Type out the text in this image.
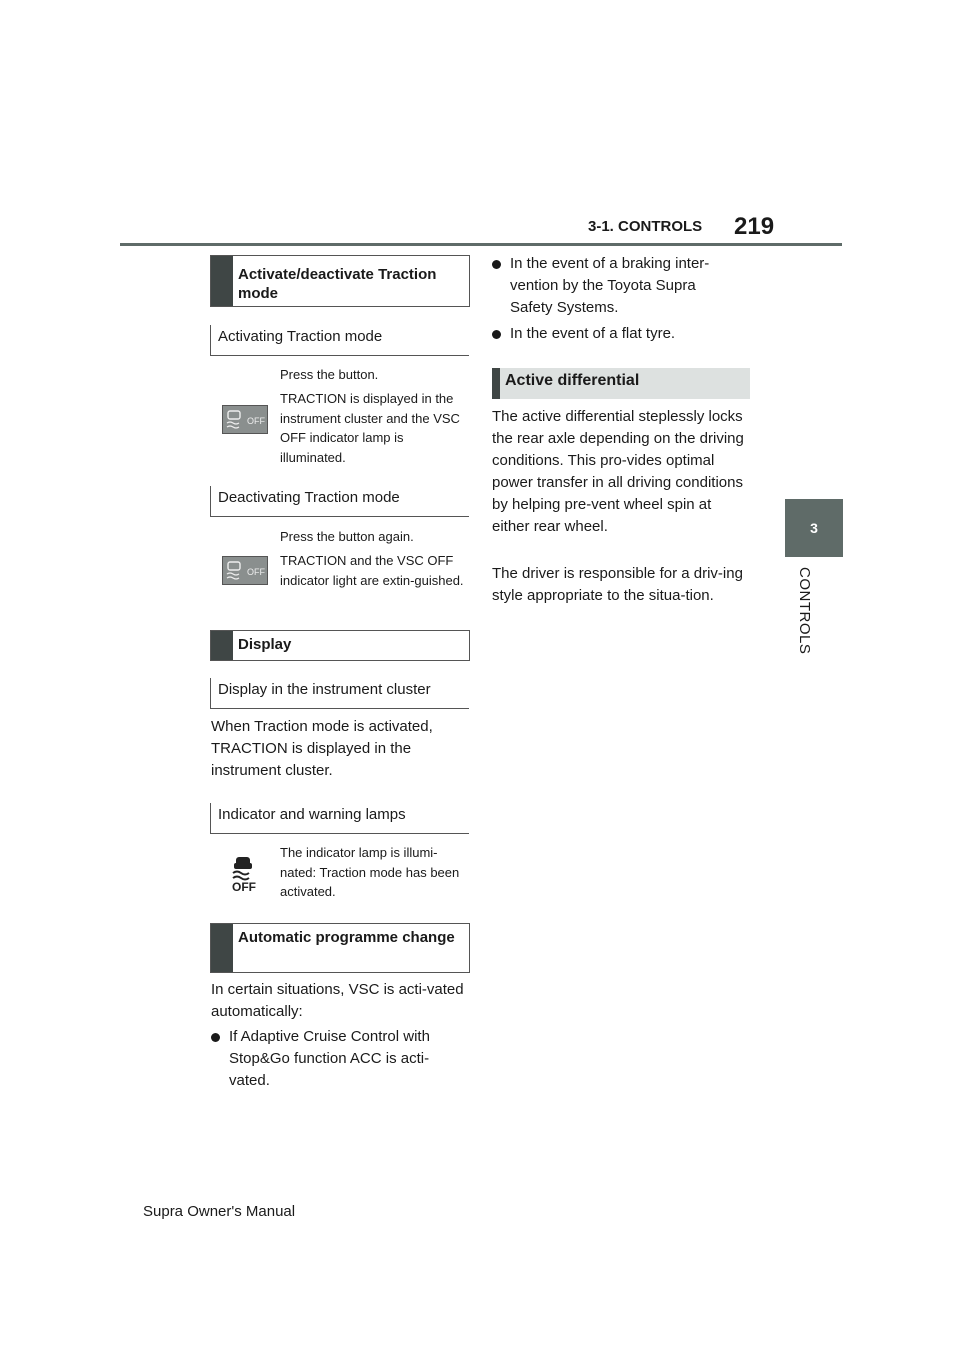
3-1. CONTROLS 219
3
CONTROLS
Activate/deactivate Traction mode
Activating Traction mode
OFF
Press the button.
TRACTION is displayed in the instrument cluster and the VSC OFF indicator lamp is illuminated.
Deactivating Traction mode
OFF
Press the button again.
TRACTION and the VSC OFF indicator light are extin-guished.
Display
Display in the instrument cluster
When Traction mode is activated, TRACTION is displayed in the instrument cluster.
Indicator and warning lamps
OFF
The indicator lamp is illumi-nated: Traction mode has been activated.
Automatic programme change
In certain situations, VSC is acti-vated automatically:
If Adaptive Cruise Control with Stop&Go function ACC is acti-vated.
In the event of a braking inter-vention by the Toyota Supra Safety Systems.
In the event of a flat tyre.
Active differential
The active differential steplessly locks the rear axle depending on the driving conditions. This pro-vides optimal power transfer in all driving conditions by helping pre-vent wheel spin at either rear wheel.
The driver is responsible for a driv-ing style appropriate to the situa-tion.
Supra Owner's Manual
